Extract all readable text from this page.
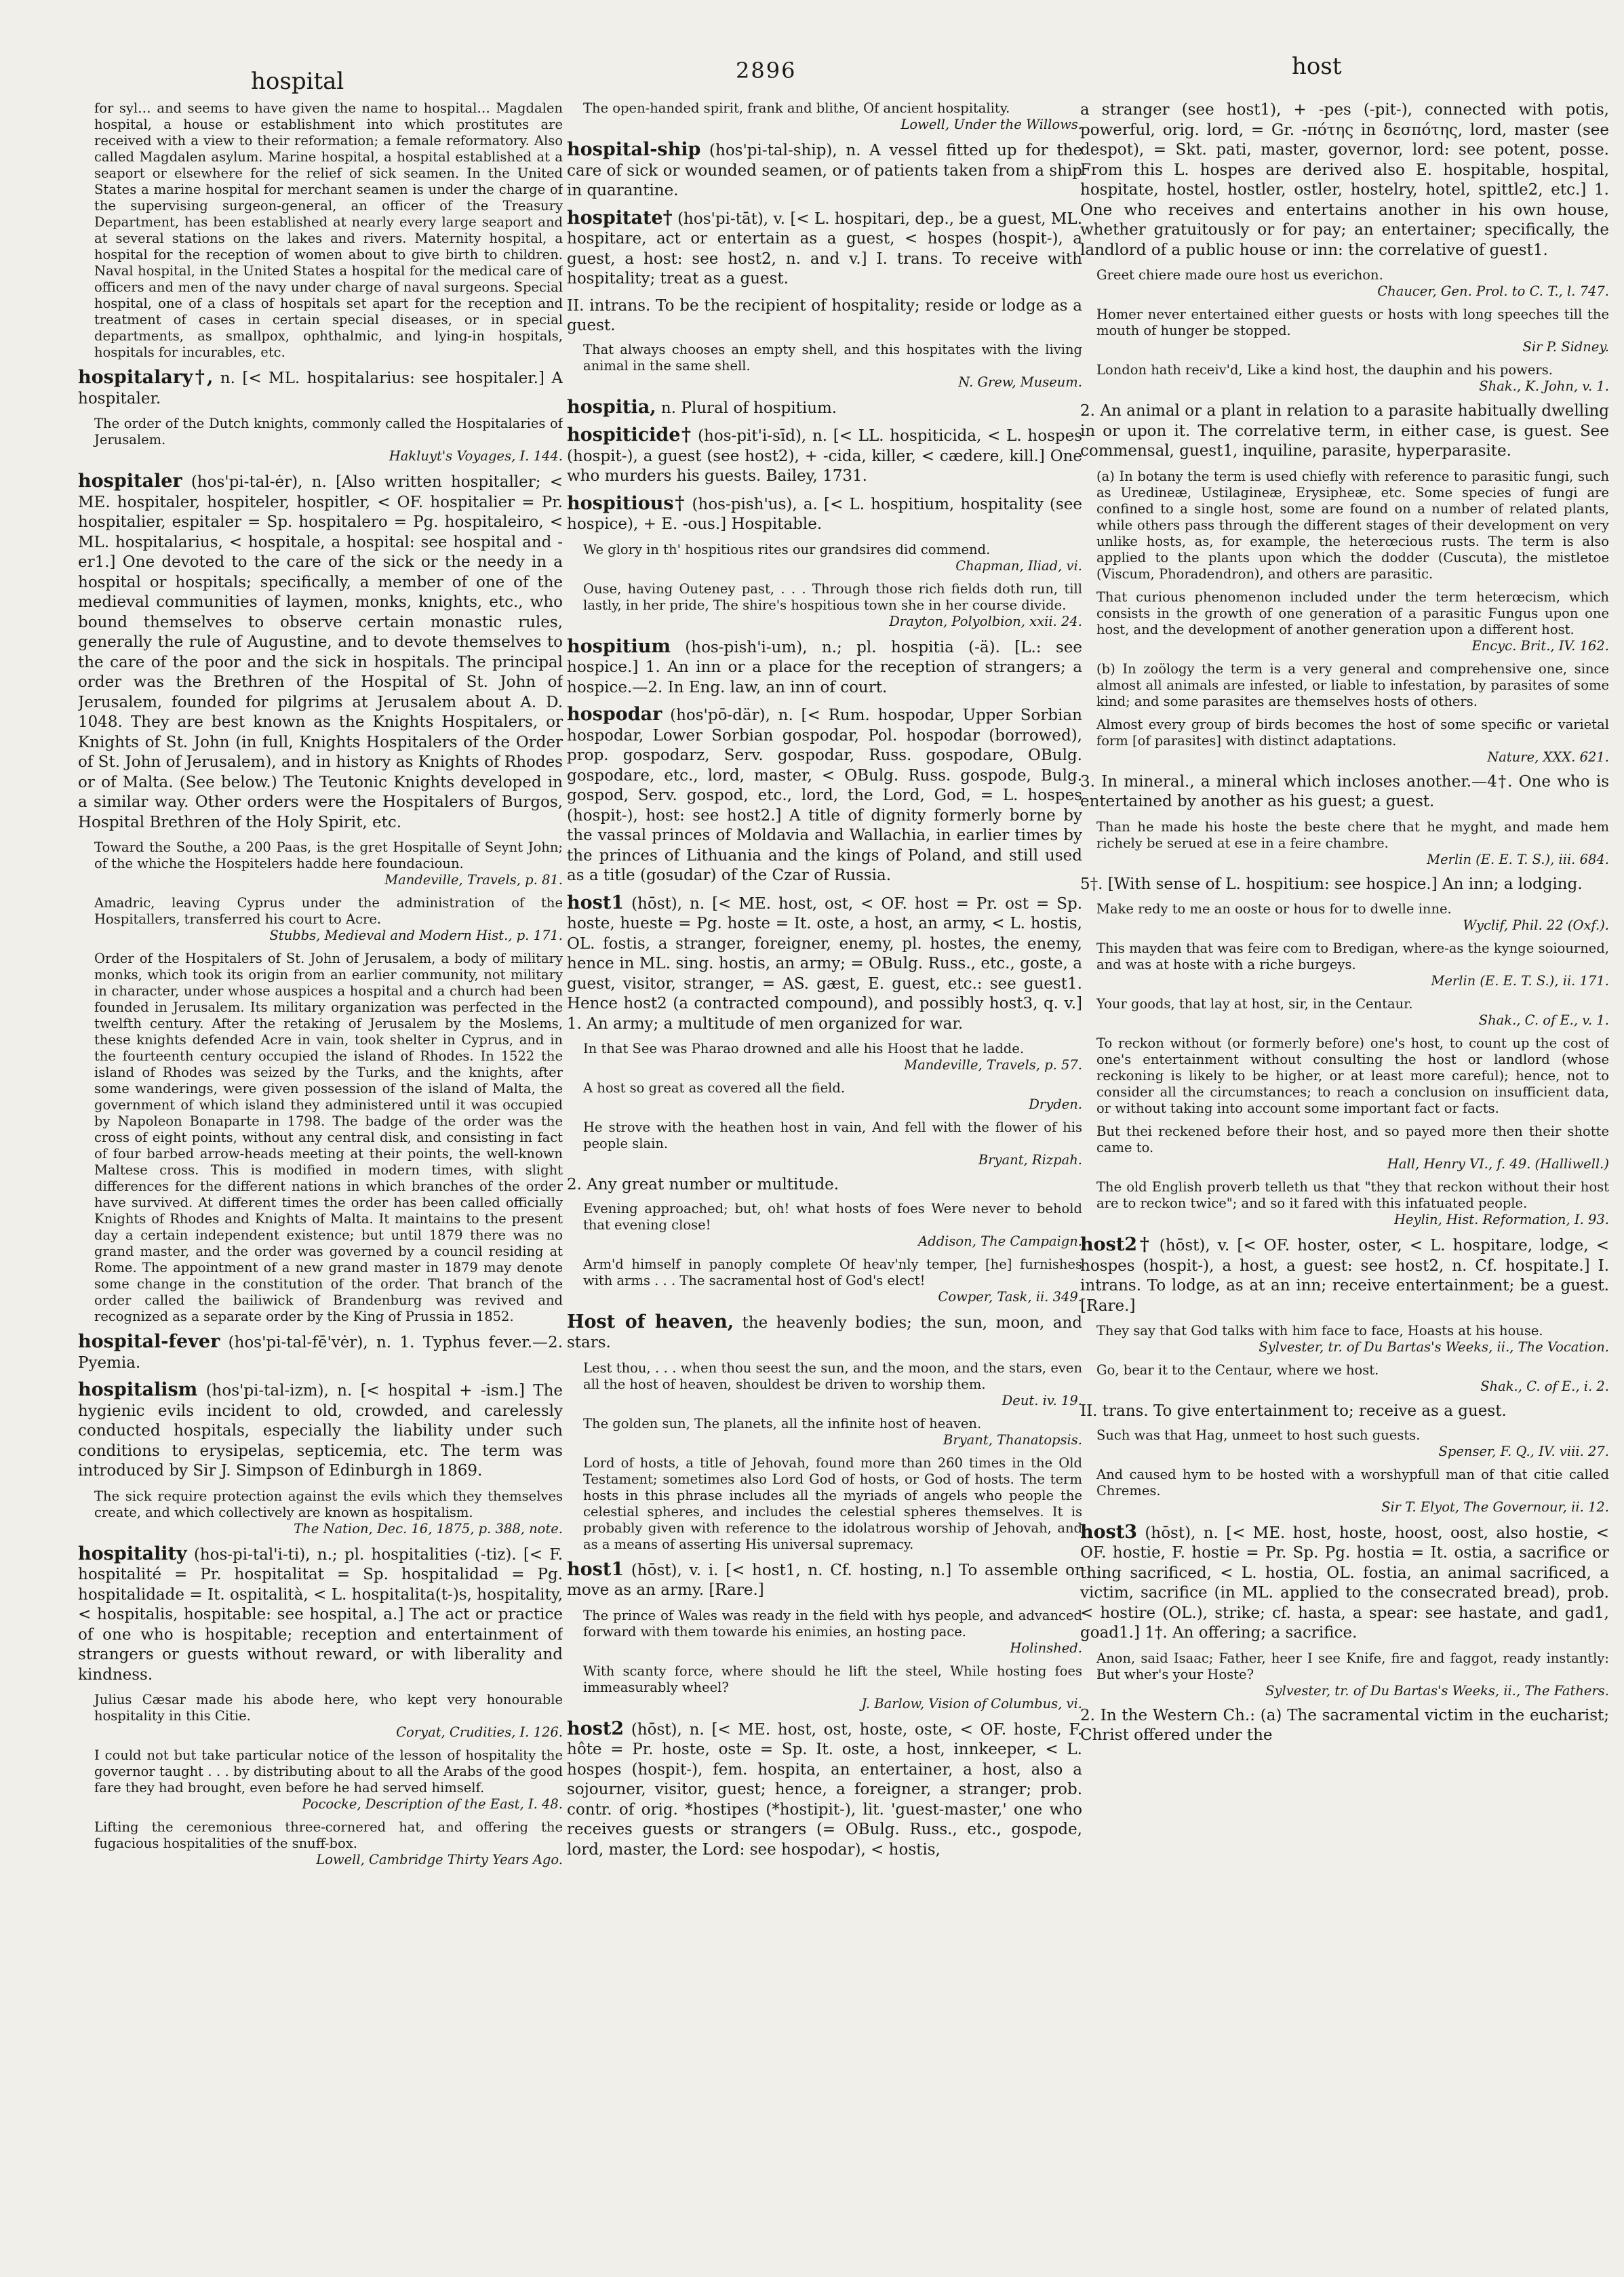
hospital	2896	host
for syl… and seems to have given the name to hospital… Magdalen hospital, a house or establishment into which prostitutes are received with a view to their reformation; a female reformatory. Also called Magdalen asylum. Marine hospital, a hospital established at a seaport or elsewhere for the relief of sick seamen. In the United States a marine hospital for merchant seamen is under the charge of the supervising surgeon-general, an officer of the Treasury Department, has been established at nearly every large seaport and at several stations on the lakes and rivers. Maternity hospital, a hospital for the reception of women about to give birth to children. Naval hospital, in the United States a hospital for the medical care of officers and men of the navy under charge of naval surgeons. Special hospital, one of a class of hospitals set apart for the reception and treatment of cases in certain special diseases, or in special departments, as smallpox, ophthalmic, and lying-in hospitals, hospitals for incurables, etc.
hospitalary†, n. [< ML. hospitalarius: see hospitaler.] A hospitaler.
The order of the Dutch knights, commonly called the Hospitalaries of Jerusalem.
Hakluyt's Voyages, I. 144.
hospitaler (hos'pi-tal-ėr), n. [Also written hospitaller; < ME. hospitaler, hospiteler, hospitler, < OF. hospitalier = Pr. hospitalier, espitaler = Sp. hospitalero = Pg. hospitaleiro, < ML. hospitalarius, < hospitale, a hospital: see hospital and -er1.] One devoted to the care of the sick or the needy in a hospital or hospitals; specifically, a member of one of the medieval communities of laymen, monks, knights, etc., who bound themselves to observe certain monastic rules, generally the rule of Augustine, and to devote themselves to the care of the poor and the sick in hospitals. The principal order was the Brethren of the Hospital of St. John of Jerusalem, founded for pilgrims at Jerusalem about A. D. 1048. They are best known as the Knights Hospitalers, or Knights of St. John (in full, Knights Hospitalers of the Order of St. John of Jerusalem), and in history as Knights of Rhodes or of Malta. (See below.) The Teutonic Knights developed in a similar way. Other orders were the Hospitalers of Burgos, Hospital Brethren of the Holy Spirit, etc.
Toward the Southe, a 200 Paas, is the gret Hospitalle of Seynt John; of the whiche the Hospitelers hadde here foundacioun.
Mandeville, Travels, p. 81.
Amadric, leaving Cyprus under the administration of the Hospitallers, transferred his court to Acre.
Stubbs, Medieval and Modern Hist., p. 171.
Order of the Hospitalers of St. John of Jerusalem, a body of military monks, which took its origin from an earlier community, not military in character, under whose auspices a hospital and a church had been founded in Jerusalem. Its military organization was perfected in the twelfth century. After the retaking of Jerusalem by the Moslems, these knights defended Acre in vain, took shelter in Cyprus, and in the fourteenth century occupied the island of Rhodes. In 1522 the island of Rhodes was seized by the Turks, and the knights, after some wanderings, were given possession of the island of Malta, the government of which island they administered until it was occupied by Napoleon Bonaparte in 1798. The badge of the order was the cross of eight points, without any central disk, and consisting in fact of four barbed arrow-heads meeting at their points, the well-known Maltese cross. This is modified in modern times, with slight differences for the different nations in which branches of the order have survived. At different times the order has been called officially Knights of Rhodes and Knights of Malta. It maintains to the present day a certain independent existence; but until 1879 there was no grand master, and the order was governed by a council residing at Rome. The appointment of a new grand master in 1879 may denote some change in the constitution of the order. That branch of the order called the bailiwick of Brandenburg was revived and recognized as a separate order by the King of Prussia in 1852.
hospital-fever (hos'pi-tal-fē'vėr), n. 1. Typhus fever.—2. Pyemia.
hospitalism (hos'pi-tal-izm), n. [< hospital + -ism.] The hygienic evils incident to old, crowded, and carelessly conducted hospitals, especially the liability under such conditions to erysipelas, septicemia, etc. The term was introduced by Sir J. Simpson of Edinburgh in 1869.
The sick require protection against the evils which they themselves create, and which collectively are known as hospitalism.
The Nation, Dec. 16, 1875, p. 388, note.
hospitality (hos-pi-tal'i-ti), n.; pl. hospitalities (-tiz). [< F. hospitalité = Pr. hospitalitat = Sp. hospitalidad = Pg. hospitalidade = It. ospitalità, < L. hospitalita(t-)s, hospitality, < hospitalis, hospitable: see hospital, a.] The act or practice of one who is hospitable; reception and entertainment of strangers or guests without reward, or with liberality and kindness.
Julius Cæsar made his abode here, who kept very honourable hospitality in this Citie.
Coryat, Crudities, I. 126.
I could not but take particular notice of the lesson of hospitality the governor taught . . . by distributing about to all the Arabs of the good fare they had brought, even before he had served himself.
Pococke, Description of the East, I. 48.
Lifting the ceremonious three-cornered hat, and offering the fugacious hospitalities of the snuff-box.
Lowell, Cambridge Thirty Years Ago.
The open-handed spirit, frank and blithe, Of ancient hospitality.
Lowell, Under the Willows.
hospital-ship (hos'pi-tal-ship), n. A vessel fitted up for the care of sick or wounded seamen, or of patients taken from a ship in quarantine.
hospitate† (hos'pi-tāt), v. [< L. hospitari, dep., be a guest, ML. hospitare, act or entertain as a guest, < hospes (hospit-), a guest, a host: see host2, n. and v.] I. trans. To receive with hospitality; treat as a guest.
II. intrans. To be the recipient of hospitality; reside or lodge as a guest.
That always chooses an empty shell, and this hospitates with the living animal in the same shell.
N. Grew, Museum.
hospitia, n. Plural of hospitium.
hospiticide† (hos-pit'i-sīd), n. [< LL. hospiticida, < L. hospes (hospit-), a guest (see host2), + -cida, killer, < cædere, kill.] One who murders his guests. Bailey, 1731.
hospitious† (hos-pish'us), a. [< L. hospitium, hospitality (see hospice), + E. -ous.] Hospitable.
We glory in th' hospitious rites our grandsires did commend.
Chapman, Iliad, vi.
Ouse, having Outeney past, . . . Through those rich fields doth run, till lastly, in her pride, The shire's hospitious town she in her course divide.
Drayton, Polyolbion, xxii. 24.
hospitium (hos-pish'i-um), n.; pl. hospitia (-ä). [L.: see hospice.] 1. An inn or a place for the reception of strangers; a hospice.—2. In Eng. law, an inn of court.
hospodar (hos'pō-där), n. [< Rum. hospodar, Upper Sorbian hospodar, Lower Sorbian gospodar, Pol. hospodar (borrowed), prop. gospodarz, Serv. gospodar, Russ. gospodare, OBulg. gospodare, etc., lord, master, < OBulg. Russ. gospode, Bulg. gospod, Serv. gospod, etc., lord, the Lord, God, = L. hospes (hospit-), host: see host2.] A title of dignity formerly borne by the vassal princes of Moldavia and Wallachia, in earlier times by the princes of Lithuania and the kings of Poland, and still used as a title (gosudar) of the Czar of Russia.
host1 (hōst), n. [< ME. host, ost, < OF. host = Pr. ost = Sp. hoste, hueste = Pg. hoste = It. oste, a host, an army, < L. hostis, OL. fostis, a stranger, foreigner, enemy, pl. hostes, the enemy, hence in ML. sing. hostis, an army; = OBulg. Russ., etc., goste, a guest, visitor, stranger, = AS. gæst, E. guest, etc.: see guest1. Hence host2 (a contracted compound), and possibly host3, q. v.] 1. An army; a multitude of men organized for war.
In that See was Pharao drowned and alle his Hoost that he ladde.
Mandeville, Travels, p. 57.
A host so great as covered all the field.
Dryden.
He strove with the heathen host in vain, And fell with the flower of his people slain.
Bryant, Rizpah.
2. Any great number or multitude.
Evening approached; but, oh! what hosts of foes Were never to behold that evening close!
Addison, The Campaign.
Arm'd himself in panoply complete Of heav'nly temper, [he] furnishes with arms . . . The sacramental host of God's elect!
Cowper, Task, ii. 349.
Host of heaven, the heavenly bodies; the sun, moon, and stars.
Lest thou, . . . when thou seest the sun, and the moon, and the stars, even all the host of heaven, shouldest be driven to worship them.
Deut. iv. 19.
The golden sun, The planets, all the infinite host of heaven.
Bryant, Thanatopsis.
Lord of hosts, a title of Jehovah, found more than 260 times in the Old Testament; sometimes also Lord God of hosts, or God of hosts. The term hosts in this phrase includes all the myriads of angels who people the celestial spheres, and includes the celestial spheres themselves. It is probably given with reference to the idolatrous worship of Jehovah, and as a means of asserting His universal supremacy.
host1 (hōst), v. i. [< host1, n. Cf. hosting, n.] To assemble or move as an army. [Rare.]
The prince of Wales was ready in the field with hys people, and advanced forward with them towarde his enimies, an hosting pace.
Holinshed.
With scanty force, where should he lift the steel, While hosting foes immeasurably wheel?
J. Barlow, Vision of Columbus, vi.
host2 (hōst), n. [< ME. host, ost, hoste, oste, < OF. hoste, F. hôte = Pr. hoste, oste = Sp. It. oste, a host, innkeeper, < L. hospes (hospit-), fem. hospita, an entertainer, a host, also a sojourner, visitor, guest; hence, a foreigner, a stranger; prob. contr. of orig. *hostipes (*hostipit-), lit. 'guest-master,' one who receives guests or strangers (= OBulg. Russ., etc., gospode, lord, master, the Lord: see hospodar), < hostis,
a stranger (see host1), + -pes (-pit-), connected with potis, powerful, orig. lord, = Gr. -πότης in δεσπότης, lord, master (see despot), = Skt. pati, master, governor, lord: see potent, posse. From this L. hospes are derived also E. hospitable, hospital, hospitate, hostel, hostler, ostler, hostelry, hotel, spittle2, etc.] 1. One who receives and entertains another in his own house, whether gratuitously or for pay; an entertainer; specifically, the landlord of a public house or inn: the correlative of guest1.
Greet chiere made oure host us everichon.
Chaucer, Gen. Prol. to C. T., l. 747.
Homer never entertained either guests or hosts with long speeches till the mouth of hunger be stopped.
Sir P. Sidney.
London hath receiv'd, Like a kind host, the dauphin and his powers.
Shak., K. John, v. 1.
2. An animal or a plant in relation to a parasite habitually dwelling in or upon it. The correlative term, in either case, is guest. See commensal, guest1, inquiline, parasite, hyperparasite.
(a) In botany the term is used chiefly with reference to parasitic fungi, such as Uredineæ, Ustilagineæ, Erysipheæ, etc. Some species of fungi are confined to a single host, some are found on a number of related plants, while others pass through the different stages of their development on very unlike hosts, as, for example, the heterœcious rusts. The term is also applied to the plants upon which the dodder (Cuscuta), the mistletoe (Viscum, Phoradendron), and others are parasitic.
That curious phenomenon included under the term heterœcism, which consists in the growth of one generation of a parasitic Fungus upon one host, and the development of another generation upon a different host.
Encyc. Brit., IV. 162.
(b) In zoölogy the term is a very general and comprehensive one, since almost all animals are infested, or liable to infestation, by parasites of some kind; and some parasites are themselves hosts of others.
Almost every group of birds becomes the host of some specific or varietal form [of parasites] with distinct adaptations.
Nature, XXX. 621.
3. In mineral., a mineral which incloses another.—4†. One who is entertained by another as his guest; a guest.
Than he made his hoste the beste chere that he myght, and made hem richely be serued at ese in a feire chambre.
Merlin (E. E. T. S.), iii. 684.
5†. [With sense of L. hospitium: see hospice.] An inn; a lodging.
Make redy to me an ooste or hous for to dwelle inne.
Wyclif, Phil. 22 (Oxf.).
This mayden that was feire com to Bredigan, where-as the kynge soiourned, and was at hoste with a riche burgeys.
Merlin (E. E. T. S.), ii. 171.
Your goods, that lay at host, sir, in the Centaur.
Shak., C. of E., v. 1.
To reckon without (or formerly before) one's host, to count up the cost of one's entertainment without consulting the host or landlord (whose reckoning is likely to be higher, or at least more careful); hence, not to consider all the circumstances; to reach a conclusion on insufficient data, or without taking into account some important fact or facts.
But thei reckened before their host, and so payed more then their shotte came to.
Hall, Henry VI., f. 49. (Halliwell.)
The old English proverb telleth us that "they that reckon without their host are to reckon twice"; and so it fared with this infatuated people.
Heylin, Hist. Reformation, I. 93.
host2† (hōst), v. [< OF. hoster, oster, < L. hospitare, lodge, < hospes (hospit-), a host, a guest: see host2, n. Cf. hospitate.] I. intrans. To lodge, as at an inn; receive entertainment; be a guest. [Rare.]
They say that God talks with him face to face, Hoasts at his house.
Sylvester, tr. of Du Bartas's Weeks, ii., The Vocation.
Go, bear it to the Centaur, where we host.
Shak., C. of E., i. 2.
II. trans. To give entertainment to; receive as a guest.
Such was that Hag, unmeet to host such guests.
Spenser, F. Q., IV. viii. 27.
And caused hym to be hosted with a worshypfull man of that citie called Chremes.
Sir T. Elyot, The Governour, ii. 12.
host3 (hōst), n. [< ME. host, hoste, hoost, oost, also hostie, < OF. hostie, F. hostie = Pr. Sp. Pg. hostia = It. ostia, a sacrifice or thing sacrificed, < L. hostia, OL. fostia, an animal sacrificed, a victim, sacrifice (in ML. applied to the consecrated bread), prob. < hostire (OL.), strike; cf. hasta, a spear: see hastate, and gad1, goad1.] 1†. An offering; a sacrifice.
Anon, said Isaac; Father, heer I see Knife, fire and faggot, ready instantly: But wher's your Hoste?
Sylvester, tr. of Du Bartas's Weeks, ii., The Fathers.
2. In the Western Ch.: (a) The sacramental victim in the eucharist; Christ offered under the
